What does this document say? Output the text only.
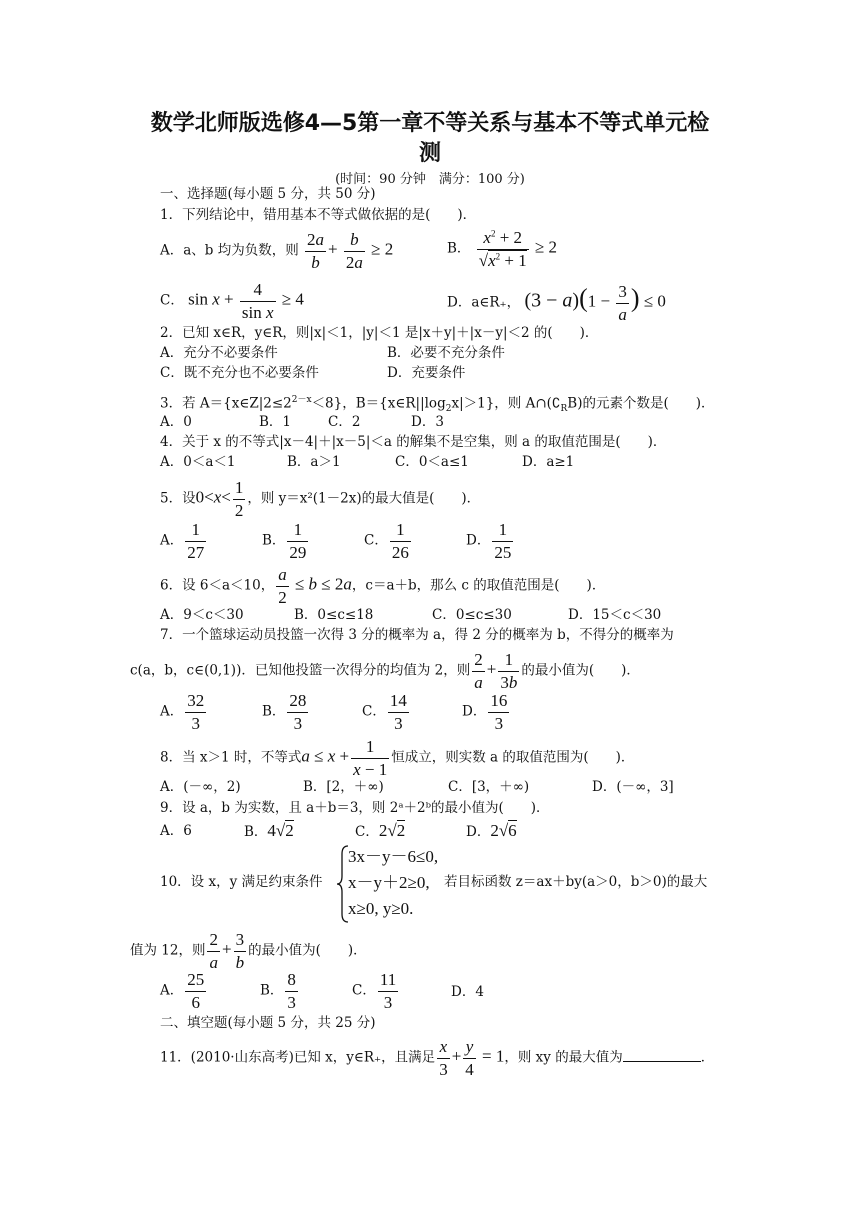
数学北师版选修4—5第一章不等关系与基本不等式单元检
测
(时间：90 分钟　满分：100 分)
一、选择题(每小题 5 分，共 50 分)
1．下列结论中，错用基本不等式做依据的是(　　)．
A．a、b 均为负数，则 $\frac{2a}{b} + \frac{b}{2a} \ge 2$	B． $\frac{x^2 + 2}{√x^2 + 1} \ge 2$
C． $\sin x + \frac{4}{\text{sin x}} \ge 4$	D．a∈R₊， $(3 - a)(1 - \frac{3}{a}$ ) ≤ 0
2．已知 x∈R，y∈R，则|x|＜1，|y|＜1 是|x＋y|＋|x－y|＜2 的(　　)．
A．充分不必要条件	B．必要不充分条件
C．既不充分也不必要条件	D．充要条件
3．若 $A=\{x\in Z|2\le 2^{2-x}<8\}$，$B=\{x\in R||\log_2x|>1\}$，则 $A\cap(∁_RB)$的元素个数是(　　)．
A．0	B．1	C．2	D．3
4．关于 x 的不等式|x－4|＋|x－5|＜a 的解集不是空集，则 a 的取值范围是(　　)．
A．0＜a＜1	B．a＞1	C．0＜a≤1	D．a≥1
5．设$0<x< \frac{1}{2}$ ，则 y＝x²(1－2x)的最大值是(　　)．
A． $\frac{1}{27}$	B． $\frac{1}{29}$	C． $\frac{1}{26}$	D． $\frac{1}{25}$
6．设 6＜a＜10， $\frac{a}{2} \le b \le 2a$，c＝a＋b，那么 c 的取值范围是(　　)．
A．9＜c＜30	B．0≤c≤18	C．0≤c≤30	D．15＜c＜30
7．一个篮球运动员投篮一次得 3 分的概率为 a，得 2 分的概率为 b，不得分的概率为
c(a，b，c∈(0,1))．已知他投篮一次得分的均值为 2，则 $\frac{2}{a} + \frac{1}{3b}$ 的最小值为(　　)．
A． $\frac{32}{3}$	B． $\frac{28}{3}$	C． $\frac{14}{3}$	D． $\frac{16}{3}$
8．当 x＞1 时，不等式$a \le x + \frac{1}{x - 1}$ 恒成立，则实数 a 的取值范围为(　　)．
A．(－∞，2)	B．[2，＋∞)	C．[3，＋∞)	D．(－∞，3]
9．设 a，b 为实数，且 a＋b＝3，则 2ᵃ＋2ᵇ的最小值为(　　)．
A．6	B．4√2	C．2√2	D．2√6
10．设 x，y 满足约束条件
3x－y－6≤0,
x－y＋2≥0,
x≥0, y≥0.
若目标函数 z＝ax＋by(a＞0，b＞0)的最大
值为 12，则 $\frac{2}{a} + \frac{3}{b}$ 的最小值为(　　)．
A． $\frac{25}{6}$	B． $\frac{8}{3}$	C． $\frac{11}{3}$	D．4
二、填空题(每小题 5 分，共 25 分)
11．(2010·山东高考)已知 x，y∈R₊，且满足 $\frac{x}{3} + \frac{y}{4} = 1$，则 xy 的最大值为	．
